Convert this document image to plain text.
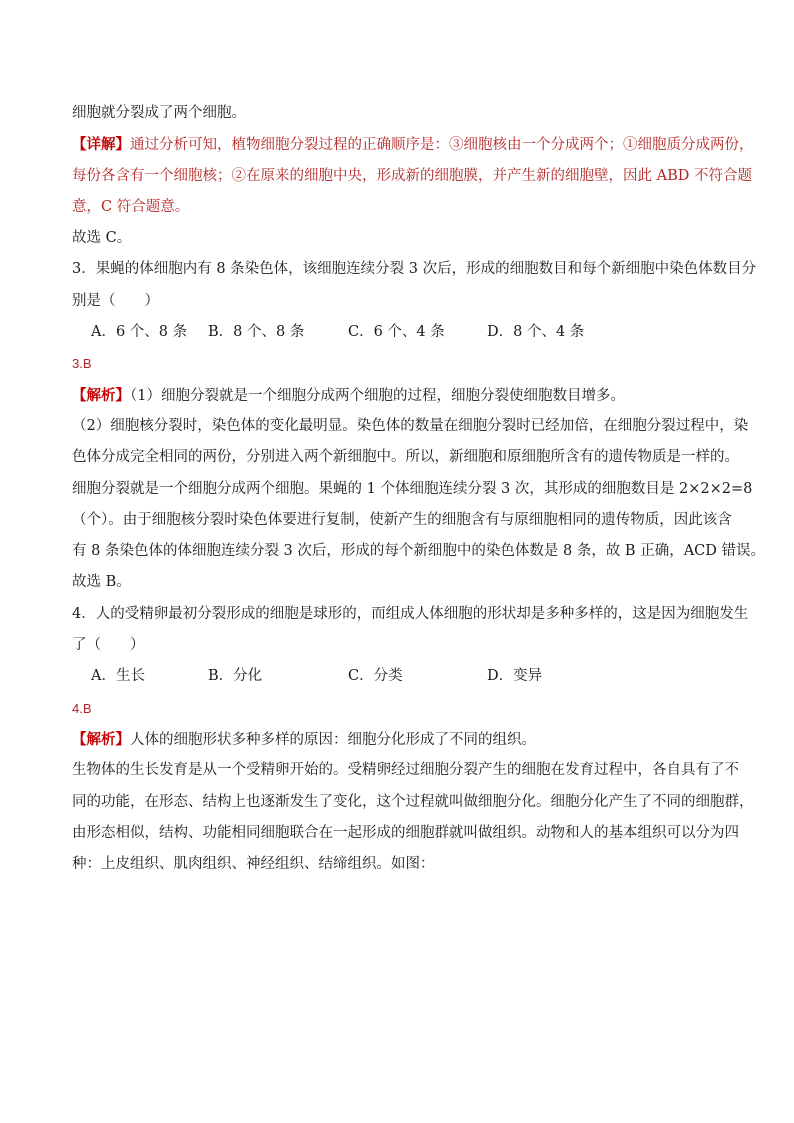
细胞就分裂成了两个细胞。
【详解】通过分析可知，植物细胞分裂过程的正确顺序是：③细胞核由一个分成两个；①细胞质分成两份，
每份各含有一个细胞核；②在原来的细胞中央，形成新的细胞膜，并产生新的细胞壁，因此 ABD 不符合题
意，C 符合题意。
故选 C。
3．果蝇的体细胞内有 8 条染色体，该细胞连续分裂 3 次后，形成的细胞数目和每个新细胞中染色体数目分
别是（　　）
A．6 个、8 条 B．8 个、8 条	C．6 个、4 条	D．8 个、4 条
3.B
【解析】（1）细胞分裂就是一个细胞分成两个细胞的过程，细胞分裂使细胞数目增多。
（2）细胞核分裂时，染色体的变化最明显。染色体的数量在细胞分裂时已经加倍，在细胞分裂过程中，染
色体分成完全相同的两份，分别进入两个新细胞中。所以，新细胞和原细胞所含有的遗传物质是一样的。
细胞分裂就是一个细胞分成两个细胞。果蝇的 1 个体细胞连续分裂 3 次，其形成的细胞数目是 2×2×2=8
（个）。由于细胞核分裂时染色体要进行复制，使新产生的细胞含有与原细胞相同的遗传物质，因此该含
有 8 条染色体的体细胞连续分裂 3 次后，形成的每个新细胞中的染色体数是 8 条，故 B 正确，ACD 错误。
故选 B。
4．人的受精卵最初分裂形成的细胞是球形的，而组成人体细胞的形状却是多种多样的，这是因为细胞发生
了（　　）
A．生长	B．分化	C．分类	D．变异
4.B
【解析】人体的细胞形状多种多样的原因：细胞分化形成了不同的组织。
生物体的生长发育是从一个受精卵开始的。受精卵经过细胞分裂产生的细胞在发育过程中，各自具有了不
同的功能，在形态、结构上也逐渐发生了变化，这个过程就叫做细胞分化。细胞分化产生了不同的细胞群，
由形态相似，结构、功能相同细胞联合在一起形成的细胞群就叫做组织。动物和人的基本组织可以分为四
种：上皮组织、肌肉组织、神经组织、结缔组织。如图：
